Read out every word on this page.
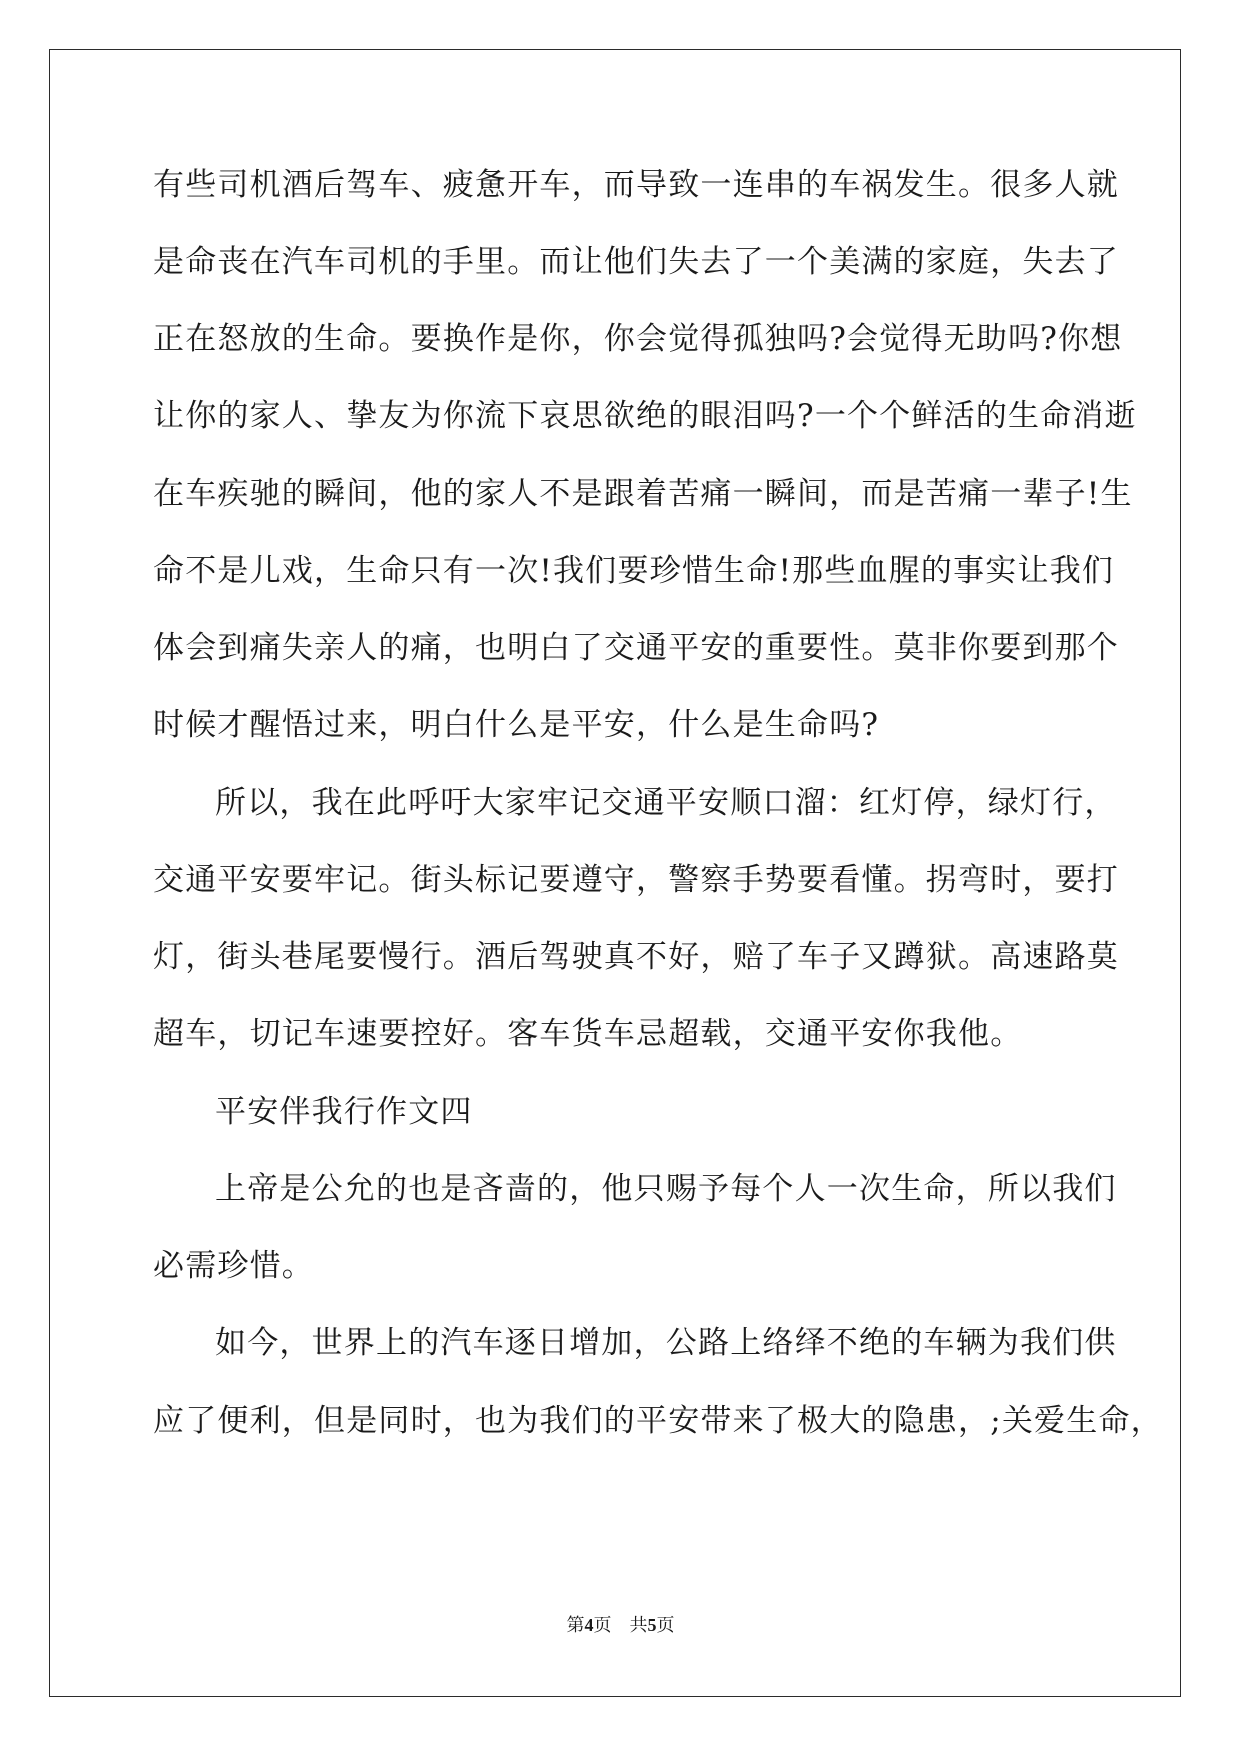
有些司机酒后驾车、疲惫开车，而导致一连串的车祸发生。很多人就
是命丧在汽车司机的手里。而让他们失去了一个美满的家庭，失去了
正在怒放的生命。要换作是你，你会觉得孤独吗?会觉得无助吗?你想
让你的家人、挚友为你流下哀思欲绝的眼泪吗?一个个鲜活的生命消逝
在车疾驰的瞬间，他的家人不是跟着苦痛一瞬间，而是苦痛一辈子!生
命不是儿戏，生命只有一次!我们要珍惜生命!那些血腥的事实让我们
体会到痛失亲人的痛，也明白了交通平安的重要性。莫非你要到那个
时候才醒悟过来，明白什么是平安，什么是生命吗?
所以，我在此呼吁大家牢记交通平安顺口溜：红灯停，绿灯行，
交通平安要牢记。街头标记要遵守，警察手势要看懂。拐弯时，要打
灯，街头巷尾要慢行。酒后驾驶真不好，赔了车子又蹲狱。高速路莫
超车，切记车速要控好。客车货车忌超载，交通平安你我他。
平安伴我行作文四
上帝是公允的也是吝啬的，他只赐予每个人一次生命，所以我们
必需珍惜。
如今，世界上的汽车逐日增加，公路上络绎不绝的车辆为我们供
应了便利，但是同时，也为我们的平安带来了极大的隐患，;关爱生命，
第4页 共5页
